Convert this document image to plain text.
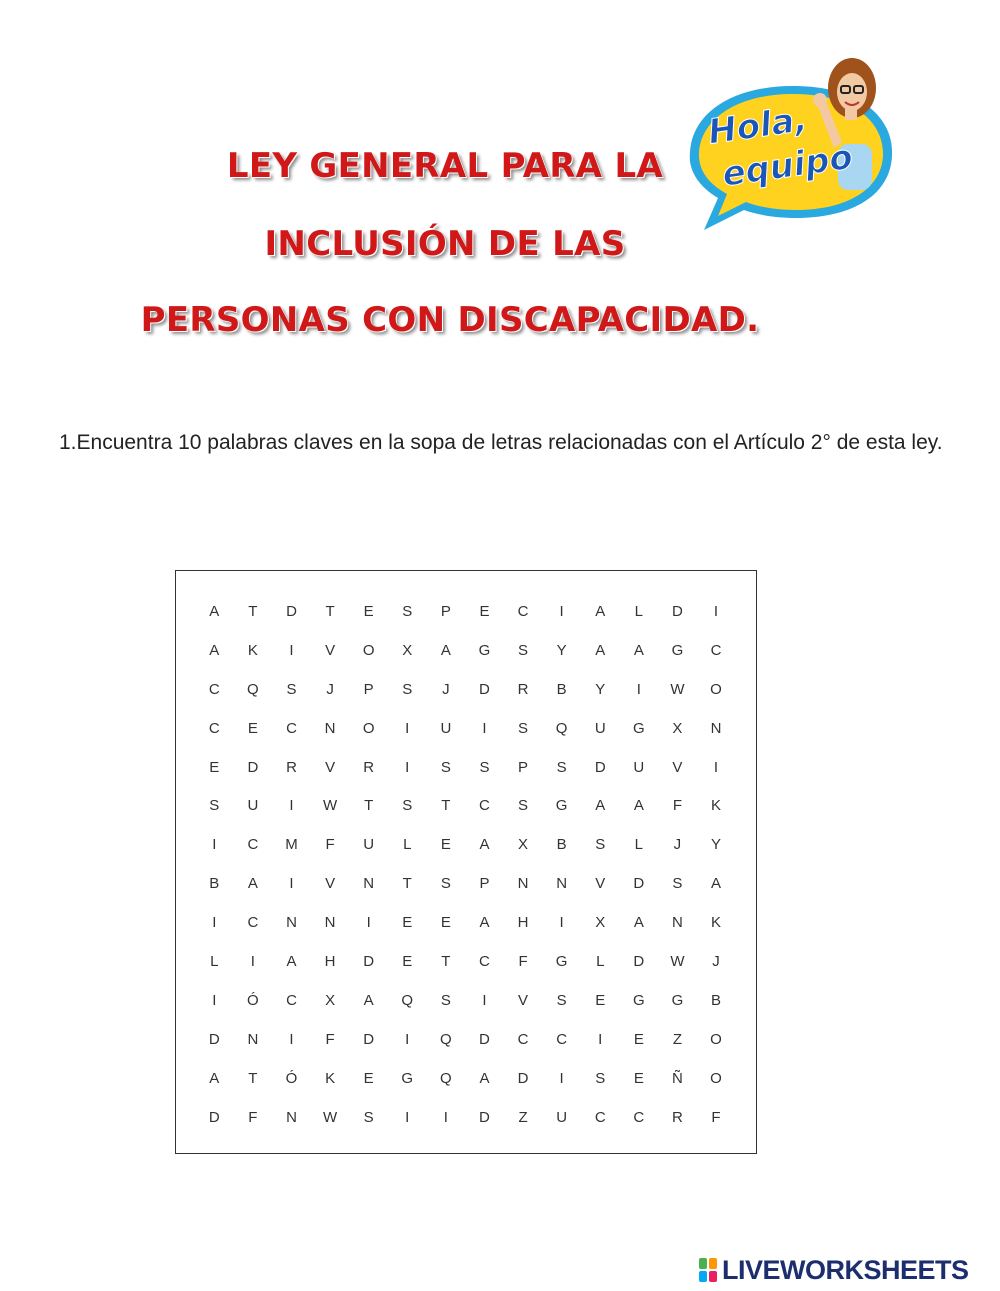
LEY GENERAL PARA LA
INCLUSIÓN DE LAS
PERSONAS CON DISCAPACIDAD.
Hola,
equipo
1.Encuentra 10 palabras claves en la sopa de letras relacionadas con el Artículo 2° de esta ley.
A	T	D	T	E	S	P	E	C	I	A	L	D	I
A	K	I	V	O	X	A	G	S	Y	A	A	G	C
C	Q	S	J	P	S	J	D	R	B	Y	I	W	O
C	E	C	N	O	I	U	I	S	Q	U	G	X	N
E	D	R	V	R	I	S	S	P	S	D	U	V	I
S	U	I	W	T	S	T	C	S	G	A	A	F	K
I	C	M	F	U	L	E	A	X	B	S	L	J	Y
B	A	I	V	N	T	S	P	N	N	V	D	S	A
I	C	N	N	I	E	E	A	H	I	X	A	N	K
L	I	A	H	D	E	T	C	F	G	L	D	W	J
I	Ó	C	X	A	Q	S	I	V	S	E	G	G	B
D	N	I	F	D	I	Q	D	C	C	I	E	Z	O
A	T	Ó	K	E	G	Q	A	D	I	S	E	Ñ	O
D	F	N	W	S	I	I	D	Z	U	C	C	R	F
LIVEWORKSHEETS
